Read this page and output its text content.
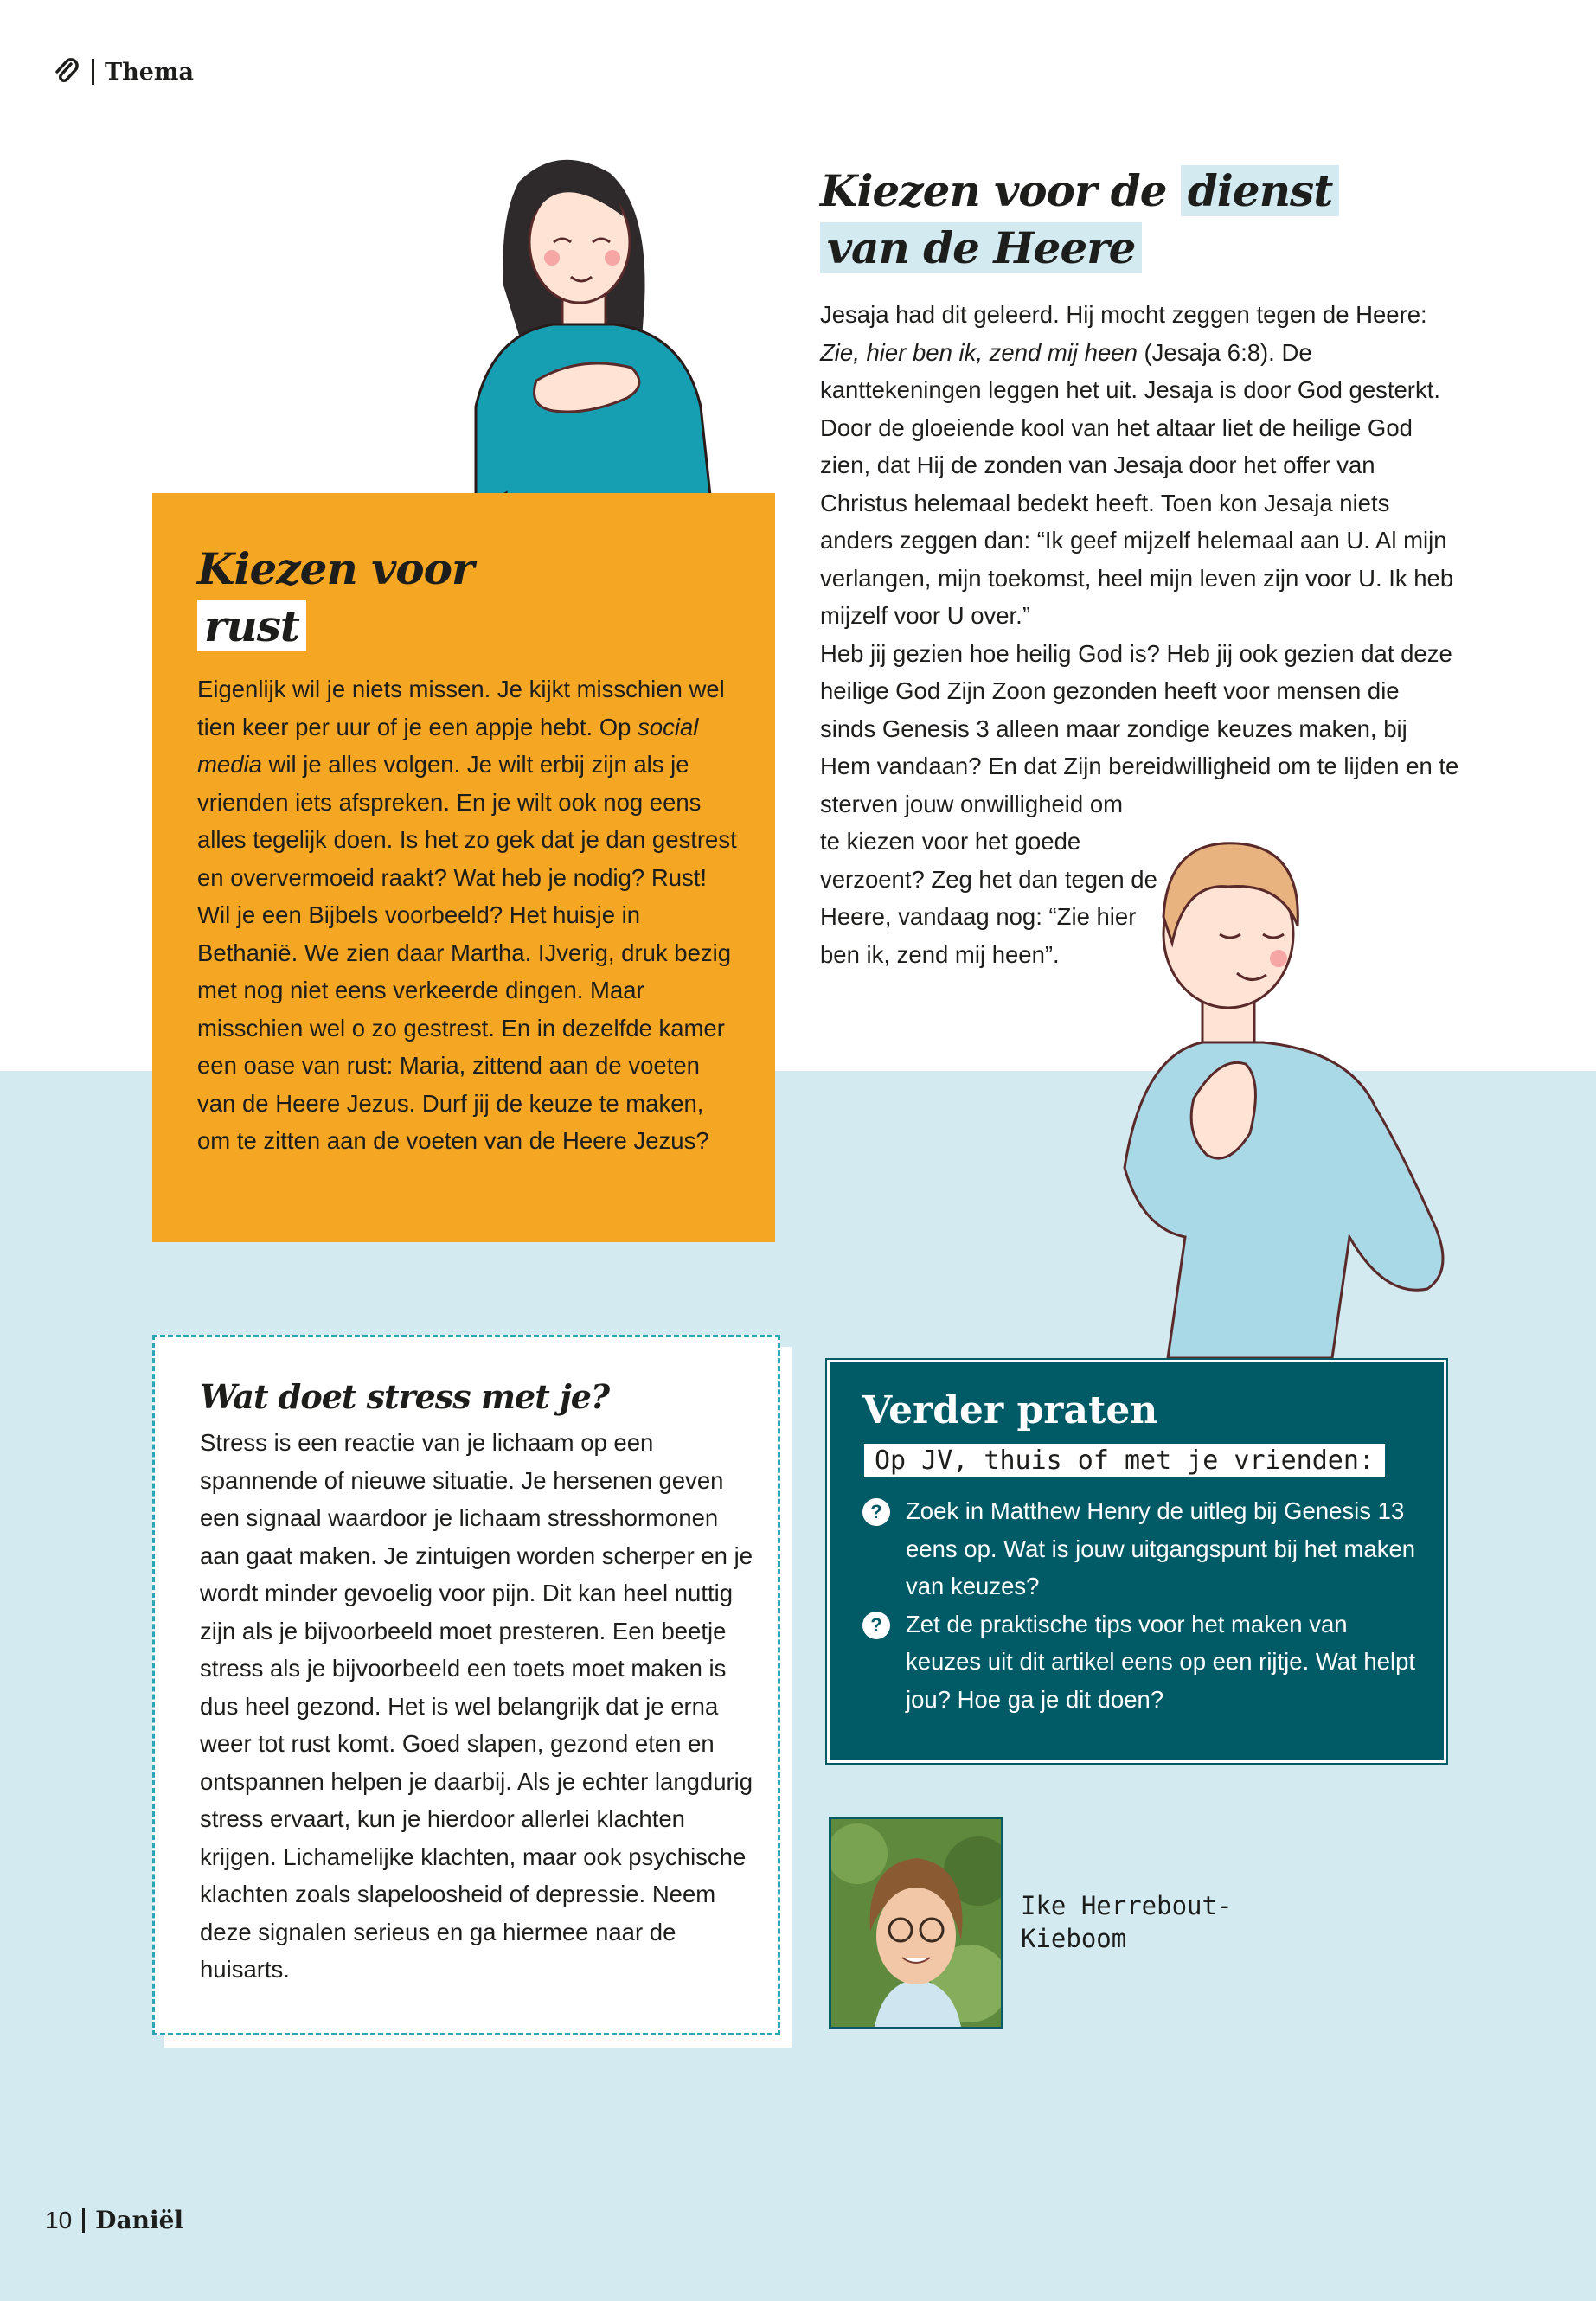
Thema
Kiezen voor
rust
Eigenlijk wil je niets missen. Je kijkt misschien wel tien keer per uur of je een appje hebt. Op social media wil je alles volgen. Je wilt erbij zijn als je vrienden iets afspreken. En je wilt ook nog eens alles tegelijk doen. Is het zo gek dat je dan gestrest en oververmoeid raakt? Wat heb je nodig? Rust! Wil je een Bijbels voorbeeld? Het huisje in Bethanië. We zien daar Martha. IJverig, druk bezig met nog niet eens verkeerde dingen. Maar misschien wel o zo gestrest. En in dezelfde kamer een oase van rust: Maria, zittend aan de voeten van de Heere Jezus. Durf jij de keuze te maken, om te zitten aan de voeten van de Heere Jezus?
Kiezen voor de dienst
van de Heere

Jesaja had dit geleerd. Hij mocht zeggen tegen de Heere: Zie, hier ben ik, zend mij heen (Jesaja 6:8). De kanttekeningen leggen het uit. Jesaja is door God gesterkt. Door de gloeiende kool van het altaar liet de heilige God zien, dat Hij de zonden van Jesaja door het offer van Christus helemaal bedekt heeft. Toen kon Jesaja niets anders zeggen dan: “Ik geef mijzelf helemaal aan U. Al mijn verlangen, mijn toekomst, heel mijn leven zijn voor U. Ik heb mijzelf voor U over.”

Heb jij gezien hoe heilig God is? Heb jij ook gezien dat deze heilige God Zijn Zoon gezonden heeft voor mensen die sinds Genesis 3 alleen maar zondige keuzes maken, bij Hem vandaan? En dat Zijn bereidwilligheid om te lijden en te sterven jouw onwilligheid om

te kiezen voor het goede verzoent? Zeg het dan tegen de Heere, vandaag nog: “Zie hier ben ik, zend mij heen”.

Wat doet stress met je?
Stress is een reactie van je lichaam op een spannende of nieuwe situatie. Je hersenen geven een signaal waardoor je lichaam stresshormonen aan gaat maken. Je zintuigen worden scherper en je wordt minder gevoelig voor pijn. Dit kan heel nuttig zijn als je bijvoorbeeld moet presteren. Een beetje stress als je bijvoorbeeld een toets moet maken is dus heel gezond. Het is wel belangrijk dat je erna weer tot rust komt. Goed slapen, gezond eten en ontspannen helpen je daarbij. Als je echter langdurig stress ervaart, kun je hierdoor allerlei klachten krijgen. Lichamelijke klachten, maar ook psychische klachten zoals slapeloosheid of depressie. Neem deze signalen serieus en ga hiermee naar de huisarts.
Verder praten
Op JV, thuis of met je vrienden:
? Zoek in Matthew Henry de uitleg bij Genesis 13 eens op. Wat is jouw uitgangspunt bij het maken van keuzes?
? Zet de praktische tips voor het maken van keuzes uit dit artikel eens op een rijtje. Wat helpt jou? Hoe ga je dit doen?
Ike Herrebout-
Kieboom
10 Daniël
